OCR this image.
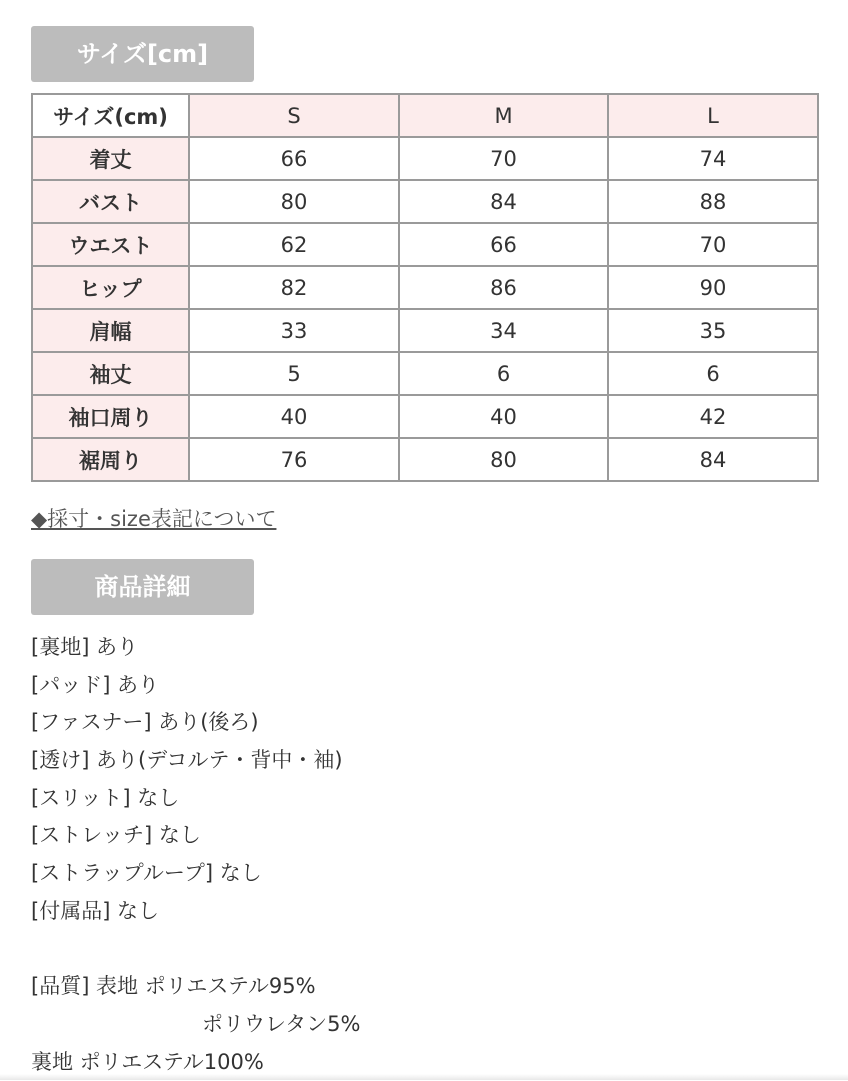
サイズ[cm]
サイズ(cm)	S	M	L
着丈	66	70	74
バスト	80	84	88
ウエスト	62	66	70
ヒップ	82	86	90
肩幅	33	34	35
袖丈	5	6	6
袖口周り	40	40	42
裾周り	76	80	84
◆採寸・size表記について
商品詳細
[裏地] あり
[パッド] あり
[ファスナー] あり(後ろ)
[透け] あり(デコルテ・背中・袖)
[スリット] なし
[ストレッチ] なし
[ストラップループ] なし
[付属品] なし
[品質] 表地 ポリエステル95%
ポリウレタン5%
裏地 ポリエステル100%
